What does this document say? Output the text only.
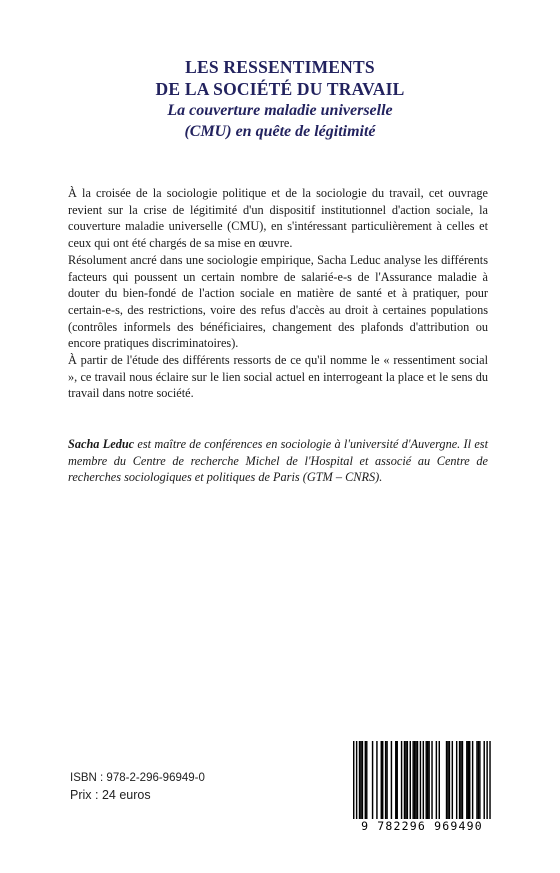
LES RESSENTIMENTS
DE LA SOCIÉTÉ DU TRAVAIL
La couverture maladie universelle
(CMU) en quête de légitimité

À la croisée de la sociologie politique et de la sociologie du travail, cet ouvrage revient sur la crise de légitimité d'un dispositif institutionnel d'action sociale, la couverture maladie universelle (CMU), en s'intéressant particulièrement à celles et ceux qui ont été chargés de sa mise en œuvre.

Résolument ancré dans une sociologie empirique, Sacha Leduc analyse les différents facteurs qui poussent un certain nombre de salarié-e-s de l'Assurance maladie à douter du bien-fondé de l'action sociale en matière de santé et à pratiquer, pour certain-e-s, des restrictions, voire des refus d'accès au droit à certaines populations (contrôles informels des bénéficiaires, changement des plafonds d'attribution ou encore pratiques discriminatoires).

À partir de l'étude des différents ressorts de ce qu'il nomme le « ressentiment social », ce travail nous éclaire sur le lien social actuel en interrogeant la place et le sens du travail dans notre société.

Sacha Leduc est maître de conférences en sociologie à l'université d'Auvergne. Il est membre du Centre de recherche Michel de l'Hospital et associé au Centre de recherches sociologiques et politiques de Paris (GTM – CNRS).

ISBN : 978-2-296-96949-0
Prix : 24 euros
9 782296 969490
